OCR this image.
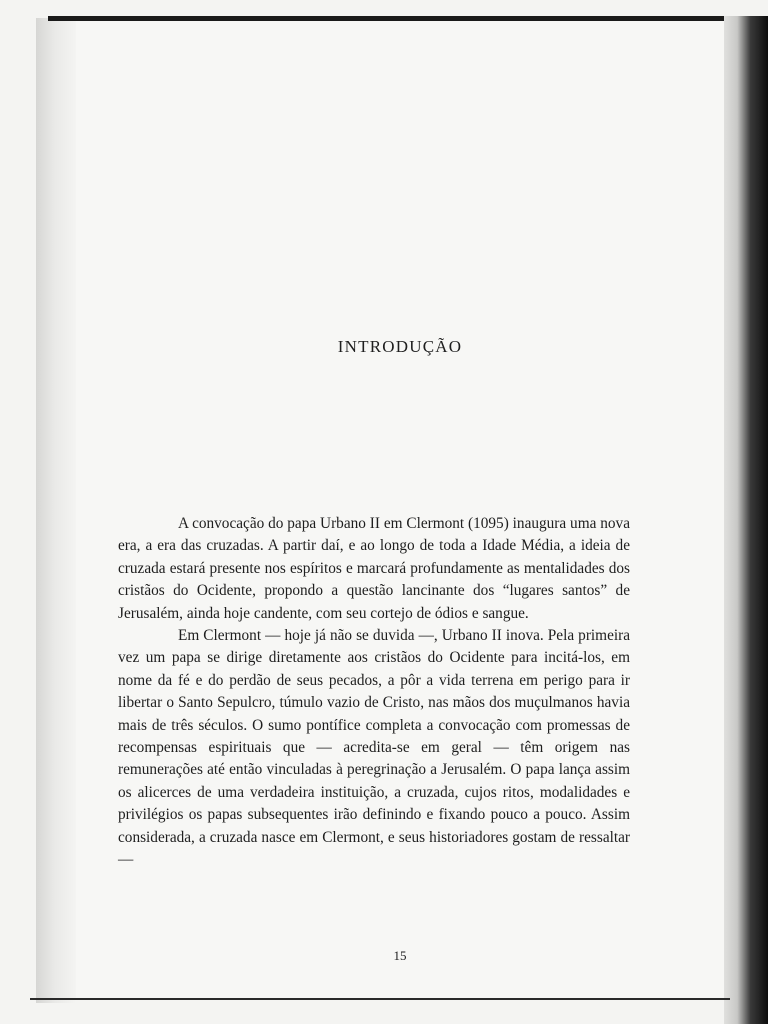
INTRODUÇÃO

A convocação do papa Urbano II em Clermont (1095) inaugura uma nova era, a era das cruzadas. A partir daí, e ao longo de toda a Idade Média, a ideia de cruzada estará presente nos espíritos e marcará profundamente as mentalidades dos cristãos do Ocidente, propondo a questão lancinante dos “lugares santos” de Jerusalém, ainda hoje candente, com seu cortejo de ódios e sangue.

Em Clermont — hoje já não se duvida —, Urbano II inova. Pela primeira vez um papa se dirige diretamente aos cristãos do Ocidente para incitá-los, em nome da fé e do perdão de seus pecados, a pôr a vida terrena em perigo para ir libertar o Santo Sepulcro, túmulo vazio de Cristo, nas mãos dos muçulmanos havia mais de três séculos. O sumo pontífice completa a convocação com promessas de recompensas espirituais que — acredita-se em geral — têm origem nas remunerações até então vinculadas à peregrinação a Jerusalém. O papa lança assim os alicerces de uma verdadeira instituição, a cruzada, cujos ritos, modalidades e privilégios os papas subsequentes irão definindo e fixando pouco a pouco. Assim considerada, a cruzada nasce em Clermont, e seus historiadores gostam de ressaltar —

15
